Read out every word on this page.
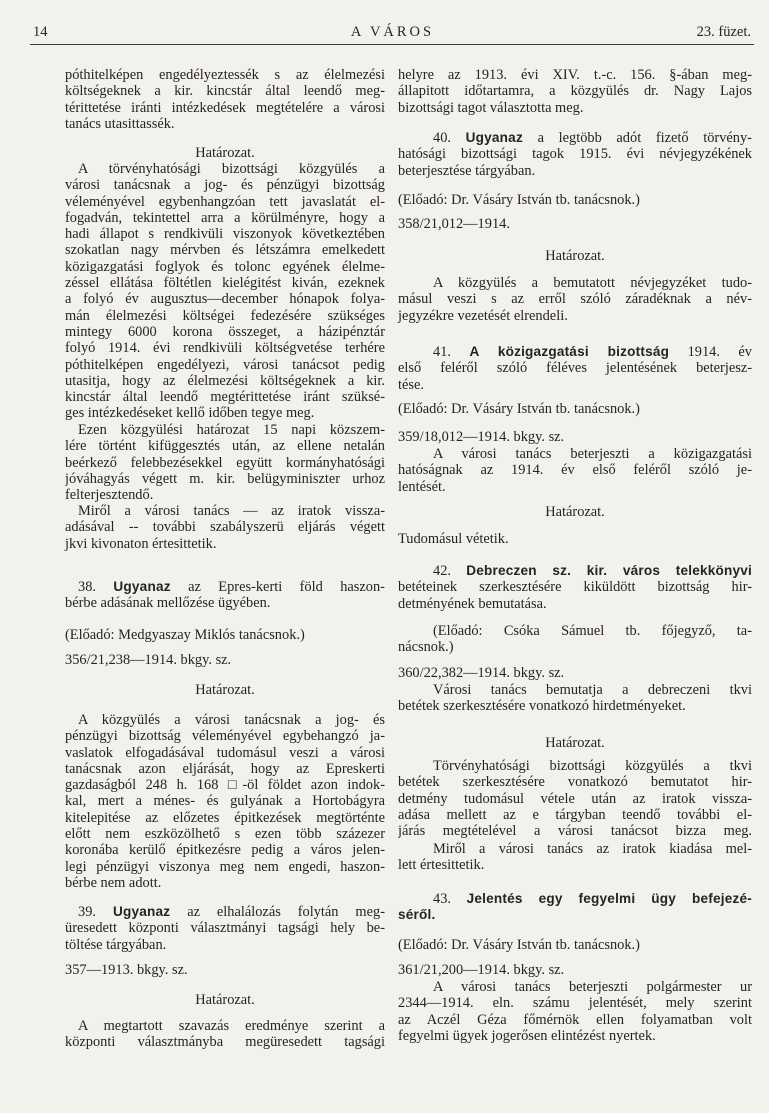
14	A VÁROS	23. füzet.
póthitelképen engedélyeztessék s az élelmezési
költségeknek a kir. kincstár által leendő meg-
térittetése iránti intézkedések megtételére a városi
tanács utasittassék.
Határozat.
A törvényhatósági bizottsági közgyülés a
városi tanácsnak a jog- és pénzügyi bizottság
véleményével egybenhangzóan tett javaslatát el-
fogadván, tekintettel arra a körülményre, hogy a
hadi állapot s rendkivüli viszonyok következtében
szokatlan nagy mérvben és létszámra emelkedett
közigazgatási foglyok és tolonc egyének élelme-
zéssel ellátása föltétlen kielégitést kiván, ezeknek
a folyó év augusztus—december hónapok folya-
mán élelmezési költségei fedezésére szükséges
mintegy 6000 korona összeget, a házipénztár
folyó 1914. évi rendkivüli költségvetése terhére
póthitelképen engedélyezi, városi tanácsot pedig
utasitja, hogy az élelmezési költségeknek a kir.
kincstár által leendő megtérittetése iránt szüksé-
ges intézkedéseket kellő időben tegye meg.
Ezen közgyülési határozat 15 napi közszem-
lére történt kifüggesztés után, az ellene netalán
beérkező felebbezésekkel együtt kormányhatósági
jóváhagyás végett m. kir. belügyminiszter urhoz
felterjesztendő.
Miről a városi tanács — az iratok vissza-
adásával -- további szabályszerü eljárás végett
jkvi kivonaton értesittetik.
38. Ugyanaz az Epres-kerti föld haszon-
bérbe adásának mellőzése ügyében.
(Előadó: Medgyaszay Miklós tanácsnok.)
356/21,238—1914. bkgy. sz.
Határozat.
A közgyülés a városi tanácsnak a jog- és
pénzügyi bizottság véleményével egybehangzó ja-
vaslatok elfogadásával tudomásul veszi a városi
tanácsnak azon eljárását, hogy az Epreskerti
gazdaságból 248 h. 168 □-öl földet azon indok-
kal, mert a ménes- és gulyának a Hortobágyra
kitelepitése az előzetes épitkezések megtörténte
előtt nem eszközölhető s ezen több százezer
koronába kerülő épitkezésre pedig a város jelen-
legi pénzügyi viszonya meg nem engedi, haszon-
bérbe nem adott.
39. Ugyanaz az elhalálozás folytán meg-
üresedett központi választmányi tagsági hely be-
töltése tárgyában.
357—1913. bkgy. sz.
Határozat.
A megtartott szavazás eredménye szerint a
központi választmányba megüresedett tagsági
helyre az 1913. évi XIV. t.-c. 156. §-ában meg-
állapitott időtartamra, a közgyülés dr. Nagy Lajos
bizottsági tagot választotta meg.
40. Ugyanaz a legtöbb adót fizető törvény-
hatósági bizottsági tagok 1915. évi névjegyzékének
beterjesztése tárgyában.
(Előadó: Dr. Vásáry István tb. tanácsnok.)
358/21,012—1914.
Határozat.
A közgyülés a bemutatott névjegyzéket tudo-
másul veszi s az erről szóló záradéknak a név-
jegyzékre vezetését elrendeli.
41. A közigazgatási bizottság 1914. év
első feléről szóló féléves jelentésének beterjesz-
tése.
(Előadó: Dr. Vásáry István tb. tanácsnok.)
359/18,012—1914. bkgy. sz.
A városi tanács beterjeszti a közigazgatási
hatóságnak az 1914. év első feléről szóló je-
lentését.
Határozat.
Tudomásul vétetik.
42. Debreczen sz. kir. város telekkönyvi
betéteinek szerkesztésére kiküldött bizottság hir-
detményének bemutatása.
(Előadó: Csóka Sámuel tb. főjegyző, ta-
nácsnok.)
360/22,382—1914. bkgy. sz.
Városi tanács bemutatja a debreczeni tkvi
betétek szerkesztésére vonatkozó hirdetményeket.
Határozat.
Törvényhatósági bizottsági közgyülés a tkvi
betétek szerkesztésére vonatkozó bemutatot hir-
detmény tudomásul vétele után az iratok vissza-
adása mellett az e tárgyban teendő további el-
járás megtételével a városi tanácsot bizza meg.
Miről a városi tanács az iratok kiadása mel-
lett értesittetik.
43. Jelentés egy fegyelmi ügy befejezé-
séről.
(Előadó: Dr. Vásáry István tb. tanácsnok.)
361/21,200—1914. bkgy. sz.
A városi tanács beterjeszti polgármester ur
2344—1914. eln. számu jelentését, mely szerint
az Aczél Géza főmérnök ellen folyamatban volt
fegyelmi ügyek jogerősen elintézést nyertek.
